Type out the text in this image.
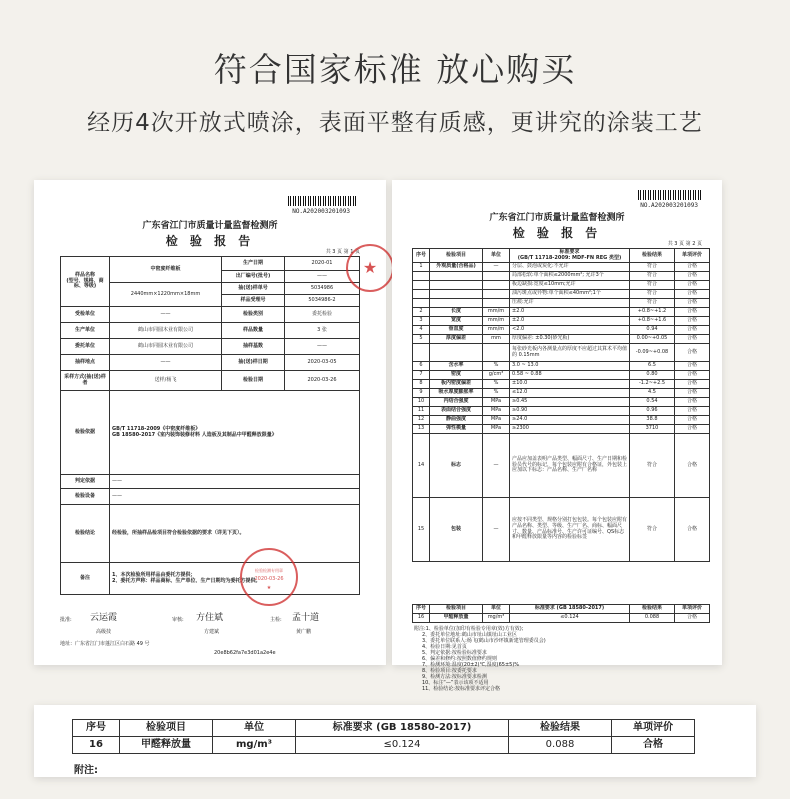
符合国家标准 放心购买
经历4次开放式喷涂，表面平整有质感，更讲究的涂装工艺
NO.A202003201093
广东省江门市质量计量监督检测所
检 验 报 告
共 3 页 第 1 页
样品名称
(型号、规格、商标、等级)	中密度纤维板	生产日期	2020-01
		出厂编号(批号)	——
	2440mm×1220mm×18mm	抽(送)样单号	5034986
		样品受理号	5034986-2
受检单位	——	检验类别	委托检验
生产单位	鹤山市同圆木业有限公司	样品数量	3 张
委托单位	鹤山市同圆木业有限公司	抽样基数	——
抽样地点	——	抽(送)样日期	2020-03-05
采样方式(抽(送)样者	送样/杨飞	检验日期	2020-03-26
检验依据	GB/T 11718-2009《中密度纤维板》
GB 18580-2017《室内装饰装修材料 人造板及其制品中甲醛释放限量》		

判定依据	——		
检验设备	——		
检验结论	经检验，所抽样品检项目符合检验依据的要求（详见下页）。		
备注	1、本次检验所用样品由委托方提供；
2、委托方声称：样品商标、生产单位、生产日期均为委托方提供。		
检验检测专用章
2020-03-26
★
★
批准: 云运霞
高级技
审核: 方住斌
方建斌
主检: 孟十道
黄广鹏
地址：广东省江门市蓬江区白石路 49 号
20e8b62fa7e3d01a2e4e
NO.A202003201093
广东省江门市质量计量监督检测所
检 验 报 告
共 3 页 第 2 页
序号	检验项目	单位	标准要求
(GB/T 11718-2009: MDF-FN REG 类型)	检验结果	单项评价
1	外观质量(合格品)	—	分层、鼓泡或炭化:不允许	符合	合格
			局部松软:单个面积≤2000mm²; 允许3个	符合	合格
			板边缺损:宽度≤10mm;允许	符合	合格
			油污斑点或异物:单个面积≤40mm²;1个	符合	合格
			压痕:允许	符合	合格
2	长度	mm/m	±2.0	+0.8~+1.2	合格
3	宽度	mm/m	±2.0	+0.8~+1.6	合格
4	垂直度	mm/m	<2.0	0.94	合格
5	厚度偏差	mm	厚度偏差: ±0.30(砂光板)	0.00~+0.05	合格
			每张砂光板内各测量点的厚度不应超过其算术平均值的 0.15mm	-0.09~+0.08	合格
6	含水率	%	3.0 ~ 13.0	6.5	合格
7	密度	g/cm³	0.58 ~ 0.88	0.80	合格
8	板内密度偏差	%	±10.0	-1.2~+2.5	合格
9	吸水厚度膨胀率	%	≤12.0	4.5	合格
10	内结合强度	MPa	≥0.45	0.54	合格
11	表面结合强度	MPa	≥0.90	0.96	合格
12	静曲强度	MPa	≥24.0	38.8	合格
13	弹性模量	MPa	≥2300	3710	合格
14	标志	—	产品应加盖表明产品类型、幅面尺寸、生产日期和检验员代号的标记，每个包装应附有合格证，外包装上应加以下标志：产品名称、生产厂名称	符合	合格
15	包装	—	应按不同类型、规格分别打包包装。每个包装应附有产品名称、类型、等级、生产厂名、商标、幅面尺寸、数量、产品标准号、生产许可证编号、QS标志和甲醛释放限量等内容的检验标签	符合	合格
序号	检验项目	单位	标准要求 (GB 18580-2017)	检验结果	单项评价
16	甲醛释放量	mg/m³	≤0.124	0.088	合格
附注:1、检验单位(加印有检验专用章(效)方有效);
2、委托单位地址:鹤山市址山镇址山工业区
3、委托单位联系人:杨飞(鹤山市沙坪镇新建管理委员会)
4、检验日期:见首页
5、判定依据:按检验标准要求
6、偏差和修约:按照数值修约规则
7、检测环境:温度(20±2)℃,湿度(65±5)%
8、检验项目:按委托要求
9、检测方法:按标准要求检测
10、标注“—”表示该项不适用
11、检验结论:按标准要求评定合格
序号	检验项目	单位	标准要求 (GB 18580-2017)	检验结果	单项评价
16	甲醛释放量	mg/m³	≤0.124	0.088	合格
附注:
